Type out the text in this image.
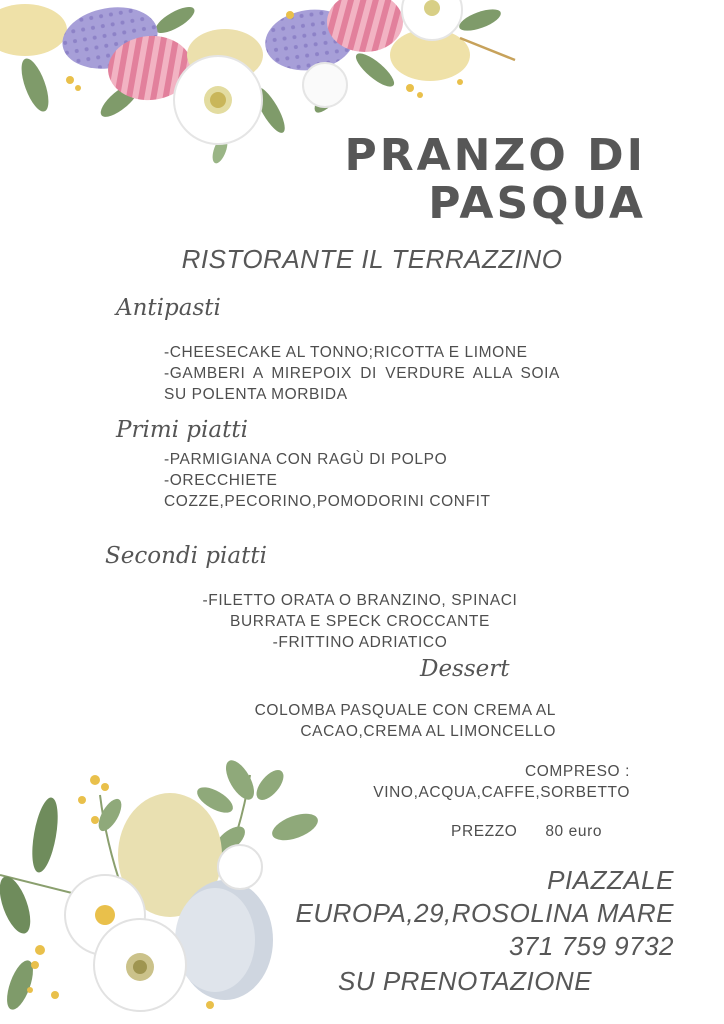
PRANZO DI
PASQUA
RISTORANTE IL TERRAZZINO
Antipasti
-CHEESECAKE AL TONNO;RICOTTA E LIMONE
-GAMBERI A MIREPOIX DI VERDURE ALLA SOIA SU POLENTA MORBIDA
Primi piatti
-PARMIGIANA CON RAGÙ DI POLPO
-ORECCHIETE
COZZE,PECORINO,POMODORINI CONFIT
Secondi piatti
-FILETTO ORATA O BRANZINO, SPINACI
BURRATA E SPECK CROCCANTE
-FRITTINO ADRIATICO
Dessert
COLOMBA PASQUALE CON CREMA AL
CACAO,CREMA AL LIMONCELLO
COMPRESO :
VINO,ACQUA,CAFFE,SORBETTO
PREZZO 80 euro
PIAZZALE
EUROPA,29,ROSOLINA MARE
371 759 9732
SU PRENOTAZIONE
